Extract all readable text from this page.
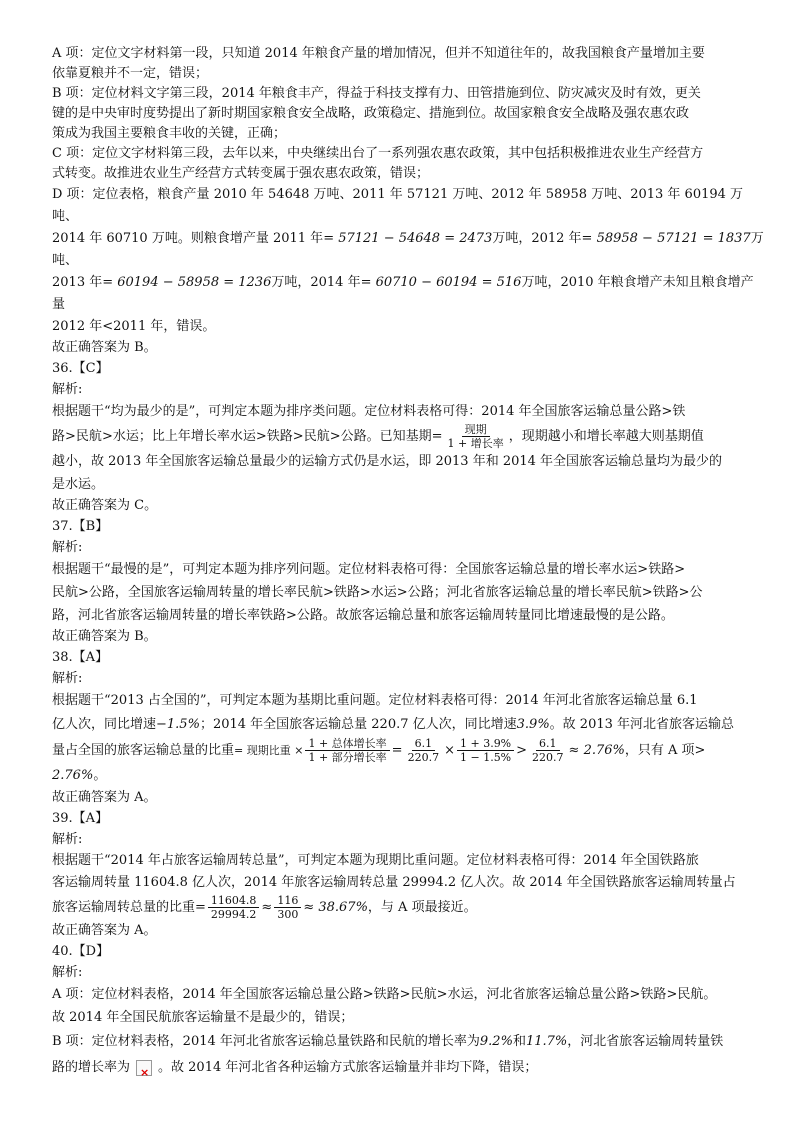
A 项：定位文字材料第一段，只知道 2014 年粮食产量的增加情况，但并不知道往年的，故我国粮食产量增加主要
依靠夏粮并不一定，错误；

B 项：定位材料文字第三段，2014 年粮食丰产，得益于科技支撑有力、田管措施到位、防灾减灾及时有效，更关
键的是中央审时度势提出了新时期国家粮食安全战略，政策稳定、措施到位。故国家粮食安全战略及强农惠农政
策成为我国主要粮食丰收的关键，正确；

C 项：定位文字材料第三段，去年以来，中央继续出台了一系列强农惠农政策，其中包括积极推进农业生产经营方
式转变。故推进农业生产经营方式转变属于强农惠农政策，错误；

D 项：定位表格，粮食产量 2010 年 54648 万吨、2011 年 57121 万吨、2012 年 58958 万吨、2013 年 60194 万吨、
2014 年 60710 万吨。则粮食增产量 2011 年= 57121 − 54648 = 2473万吨，2012 年= 58958 − 57121 = 1837万吨、
2013 年= 60194 − 58958 = 1236万吨，2014 年= 60710 − 60194 = 516万吨，2010 年粮食增产未知且粮食增产量
2012 年<2011 年，错误。

故正确答案为 B。

36.【C】

解析:

根据题干“均为最少的是”，可判定本题为排序类问题。定位材料表格可得：2014 年全国旅客运输总量公路>铁
路>民航>水运；比上年增长率水运>铁路>民航>公路。已知基期= $\frac{\text{现期}}{\text{1 + 增长率}}$ ，现期越小和增长率越大则基期值
越小，故 2013 年全国旅客运输总量最少的运输方式仍是水运，即 2013 年和 2014 年全国旅客运输总量均为最少的
是水运。

故正确答案为 C。

37.【B】

解析:

根据题干“最慢的是”，可判定本题为排序列问题。定位材料表格可得：全国旅客运输总量的增长率水运>铁路>
民航>公路，全国旅客运输周转量的增长率民航>铁路>水运>公路；河北省旅客运输总量的增长率民航>铁路>公
路，河北省旅客运输周转量的增长率铁路>公路。故旅客运输总量和旅客运输周转量同比增速最慢的是公路。

故正确答案为 B。

38.【A】

解析:

根据题干“2013 占全国的”，可判定本题为基期比重问题。定位材料表格可得：2014 年河北省旅客运输总量 6.1
亿人次，同比增速−1.5%；2014 年全国旅客运输总量 220.7 亿人次，同比增速3.9%。故 2013 年河北省旅客运输总
量占全国的旅客运输总量的比重= 现期比重 × $\frac{\text{1 + 总体增长率}}{\text{1 + 部分增长率}} = \frac{6.1}{220.7} \times \frac{1 + 3.9\%}{1 - 1.5\%} > \frac{6.1}{220.7} \approx 2.76\%$，只有 A 项>
2.76%。

故正确答案为 A。

39.【A】

解析:

根据题干“2014 年占旅客运输周转总量”，可判定本题为现期比重问题。定位材料表格可得：2014 年全国铁路旅
客运输周转量 11604.8 亿人次，2014 年旅客运输周转总量 29994.2 亿人次。故 2014 年全国铁路旅客运输周转量占
旅客运输周转总量的比重= $\frac{11604.8}{29994.2} \approx \frac{116}{300} \approx 38.67\%$，与 A 项最接近。

故正确答案为 A。

40.【D】

解析:

A 项：定位材料表格，2014 年全国旅客运输总量公路>铁路>民航>水运，河北省旅客运输总量公路>铁路>民航。
故 2014 年全国民航旅客运输量不是最少的，错误；

B 项：定位材料表格，2014 年河北省旅客运输总量铁路和民航的增长率为9.2%和11.7%，河北省旅客运输周转量铁
路的增长率为× 。故 2014 年河北省各种运输方式旅客运输量并非均下降，错误；
